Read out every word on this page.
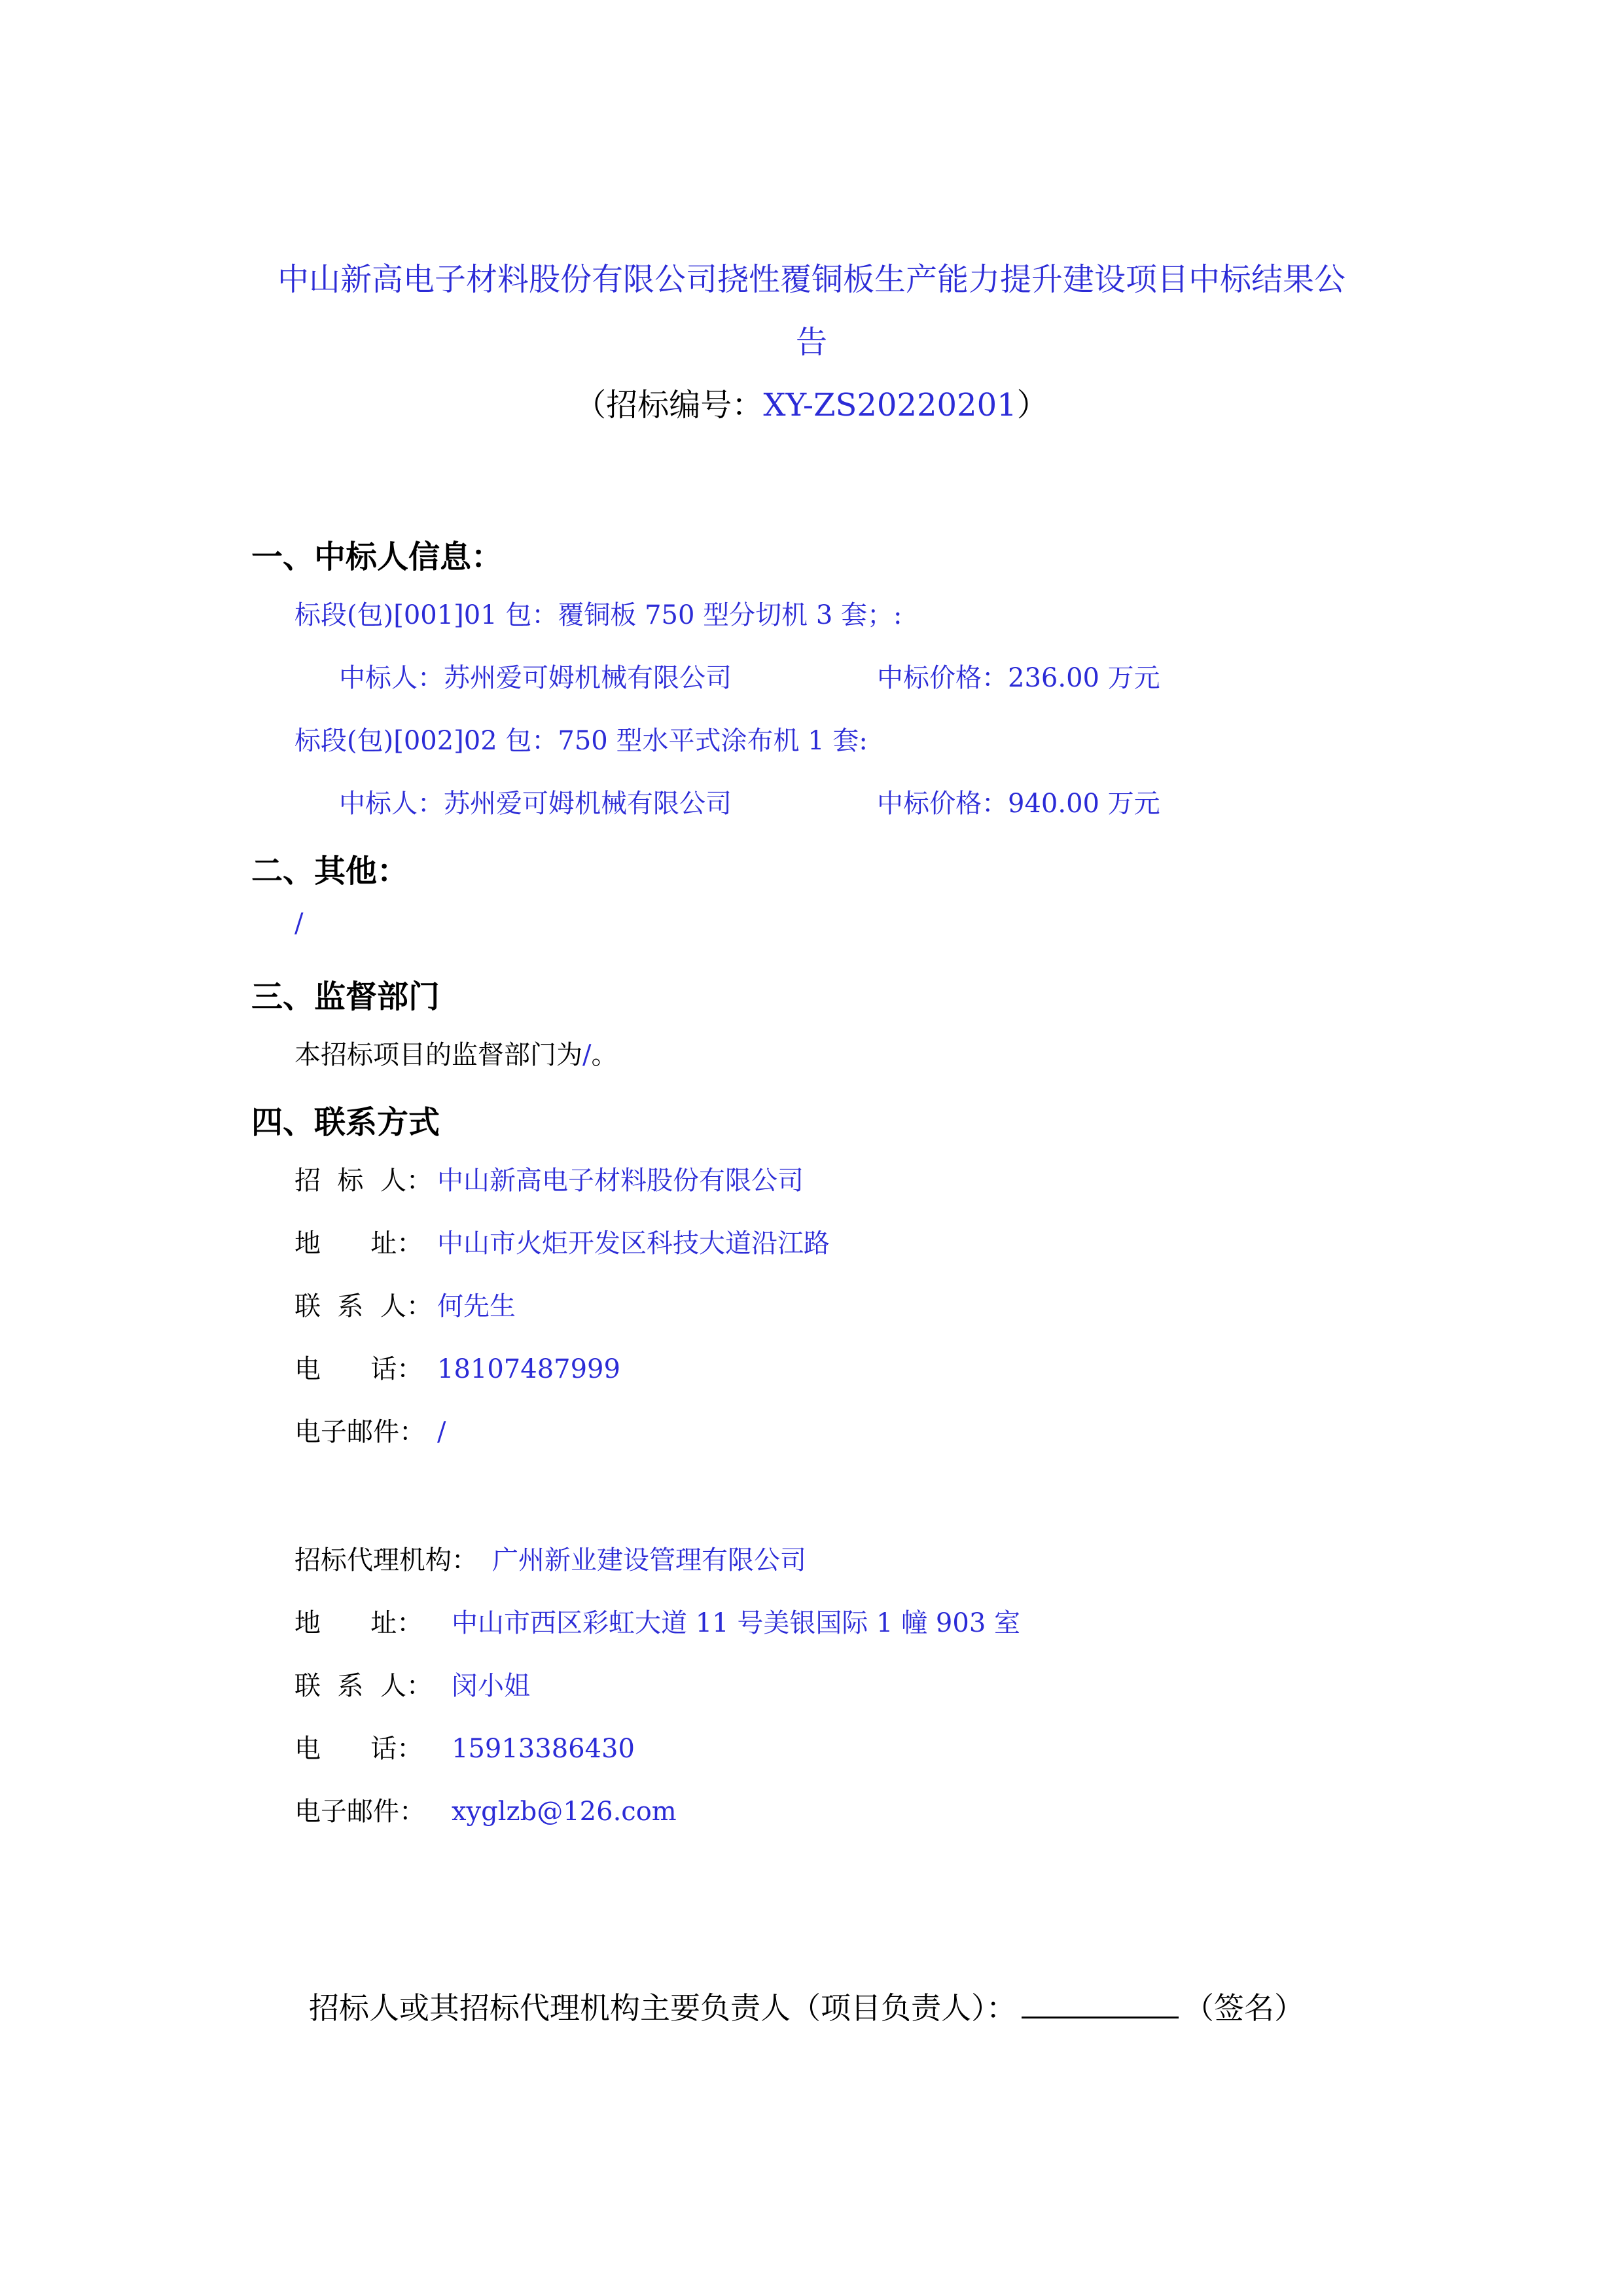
中山新高电子材料股份有限公司挠性覆铜板生产能力提升建设项目中标结果公
告
（招标编号：XY-ZS20220201）
一、中标人信息：
标段(包)[001]01 包：覆铜板 750 型分切机 3 套；:
中标人：苏州爱可姆机械有限公司	中标价格：236.00 万元
标段(包)[002]02 包：750 型水平式涂布机 1 套:
中标人：苏州爱可姆机械有限公司	中标价格：940.00 万元
二、其他：
/
三、监督部门
本招标项目的监督部门为/。
四、联系方式
招  标  人： 中山新高电子材料股份有限公司
地      址： 中山市火炬开发区科技大道沿江路
联  系  人： 何先生
电      话： 18107487999
电子邮件： /
招标代理机构： 广州新业建设管理有限公司
地      址： 中山市西区彩虹大道 11 号美银国际 1 幢 903 室
联  系  人： 闵小姐
电      话： 15913386430
电子邮件： xyglzb@126.com
招标人或其招标代理机构主要负责人（项目负责人）：	（签名）
